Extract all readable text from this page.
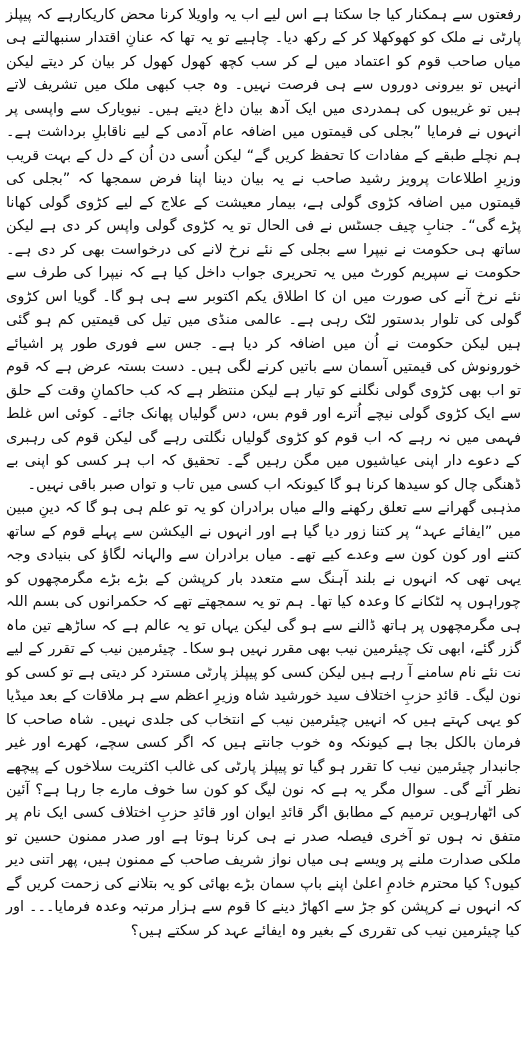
رفعتوں سے ہمکنار کیا جا سکتا ہے اس لیے اب یہ واویلا کرنا محض کاریکارہے کہ پیپلز پارٹی نے ملک کو کھوکھلا کر کے رکھ دیا۔ چاہیے تو یہ تھا کہ عنانِ اقتدار سنبھالتے ہی میاں صاحب قوم کو اعتماد میں لے کر سب کچھ کھول کھول کر بیان کر دیتے لیکن انہیں تو بیرونی دوروں سے ہی فرصت نہیں۔ وہ جب کبھی ملک میں تشریف لاتے ہیں تو غریبوں کی ہمدردی میں ایک آدھ بیان داغ دیتے ہیں۔ نیویارک سے واپسی پر انہوں نے فرمایا ”بجلی کی قیمتوں میں اضافہ عام آدمی کے لیے ناقابلِ برداشت ہے۔ ہم نچلے طبقے کے مفادات کا تحفظ کریں گے“ لیکن اُسی دن اُن کے دل کے بہت قریب وزیرِ اطلاعات پرویز رشید صاحب نے یہ بیان دینا اپنا فرض سمجھا کہ ”بجلی کی قیمتوں میں اضافہ کڑوی گولی ہے، بیمار معیشت کے علاج کے لیے کڑوی گولی کھانا پڑے گی“۔ جنابِ چیف جسٹس نے فی الحال تو یہ کڑوی گولی واپس کر دی ہے لیکن ساتھ ہی حکومت نے نیپرا سے بجلی کے نئے نرخ لانے کی درخواست بھی کر دی ہے۔ حکومت نے سپریم کورٹ میں یہ تحریری جواب داخل کیا ہے کہ نیپرا کی طرف سے نئے نرخ آنے کی صورت میں ان کا اطلاق یکم اکتوبر سے ہی ہو گا۔ گویا اس کڑوی گولی کی تلوار بدستور لٹک رہی ہے۔ عالمی منڈی میں تیل کی قیمتیں کم ہو گئی ہیں لیکن حکومت نے اُن میں اضافہ کر دیا ہے۔ جس سے فوری طور پر اشیائے خورونوش کی قیمتیں آسمان سے باتیں کرنے لگی ہیں۔ دست بستہ عرض ہے کہ قوم تو اب بھی کڑوی گولی نگلنے کو تیار ہے لیکن منتظر ہے کہ کب حاکمانِ وقت کے حلق سے ایک کڑوی گولی نیچے اُترے اور قوم بس، دس گولیاں پھانک جائے۔ کوئی اس غلط فہمی میں نہ رہے کہ اب قوم کو کڑوی گولیاں نگلتی رہے گی لیکن قوم کی رہبری کے دعوے دار اپنی عیاشیوں میں مگن رہیں گے۔ تحقیق کہ اب ہر کسی کو اپنی بے ڈھنگی چال کو سیدھا کرنا ہو گا کیونکہ اب کسی میں تاب و تواں صبر باقی نہیں۔

مذہبی گھرانے سے تعلق رکھنے والے میاں برادران کو یہ تو علم ہی ہو گا کہ دینِ مبین میں ”ایفائے عہد“ پر کتنا زور دیا گیا ہے اور انہوں نے الیکشن سے پہلے قوم کے ساتھ کتنے اور کون کون سے وعدے کیے تھے۔ میاں برادران سے والہانہ لگاؤ کی بنیادی وجہ یہی تھی کہ انہوں نے بلند آہنگ سے متعدد بار کرپشن کے بڑے بڑے مگرمچھوں کو چوراہوں پہ لٹکانے کا وعدہ کیا تھا۔ ہم تو یہ سمجھتے تھے کہ حکمرانوں کی بسم اللہ ہی مگرمچھوں پر ہاتھ ڈالنے سے ہو گی لیکن یہاں تو یہ عالم ہے کہ ساڑھے تین ماہ گزر گئے، ابھی تک چیئرمین نیب بھی مقرر نہیں ہو سکا۔ چیئرمین نیب کے تقرر کے لیے نت نئے نام سامنے آ رہے ہیں لیکن کسی کو پیپلز پارٹی مسترد کر دیتی ہے تو کسی کو نون لیگ۔ قائدِ حزبِ اختلاف سید خورشید شاہ وزیرِ اعظم سے ہر ملاقات کے بعد میڈیا کو یہی کہتے ہیں کہ انہیں چیئرمین نیب کے انتخاب کی جلدی نہیں۔ شاہ صاحب کا فرمان بالکل بجا ہے کیونکہ وہ خوب جانتے ہیں کہ اگر کسی سچے، کھرے اور غیر جانبدار چیئرمین نیب کا تقرر ہو گیا تو پیپلز پارٹی کی غالب اکثریت سلاخوں کے پیچھے نظر آئے گی۔ سوال مگر یہ ہے کہ نون لیگ کو کون سا خوف مارے جا رہا ہے؟ آئین کی اٹھارہویں ترمیم کے مطابق اگر قائدِ ایوان اور قائدِ حزبِ اختلاف کسی ایک نام پر متفق نہ ہوں تو آخری فیصلہ صدر نے ہی کرنا ہوتا ہے اور صدر ممنون حسین تو ملکی صدارت ملنے پر ویسے ہی میاں نواز شریف صاحب کے ممنون ہیں، پھر اتنی دیر کیوں؟ کیا محترم خادمِ اعلیٰ اپنے باپ سمان بڑے بھائی کو یہ بتلانے کی زحمت کریں گے کہ انہوں نے کرپشن کو جڑ سے اکھاڑ دینے کا قوم سے ہزار مرتبہ وعدہ فرمایا۔۔۔ اور کیا چیئرمین نیب کی تقرری کے بغیر وہ ایفائے عہد کر سکتے ہیں؟
